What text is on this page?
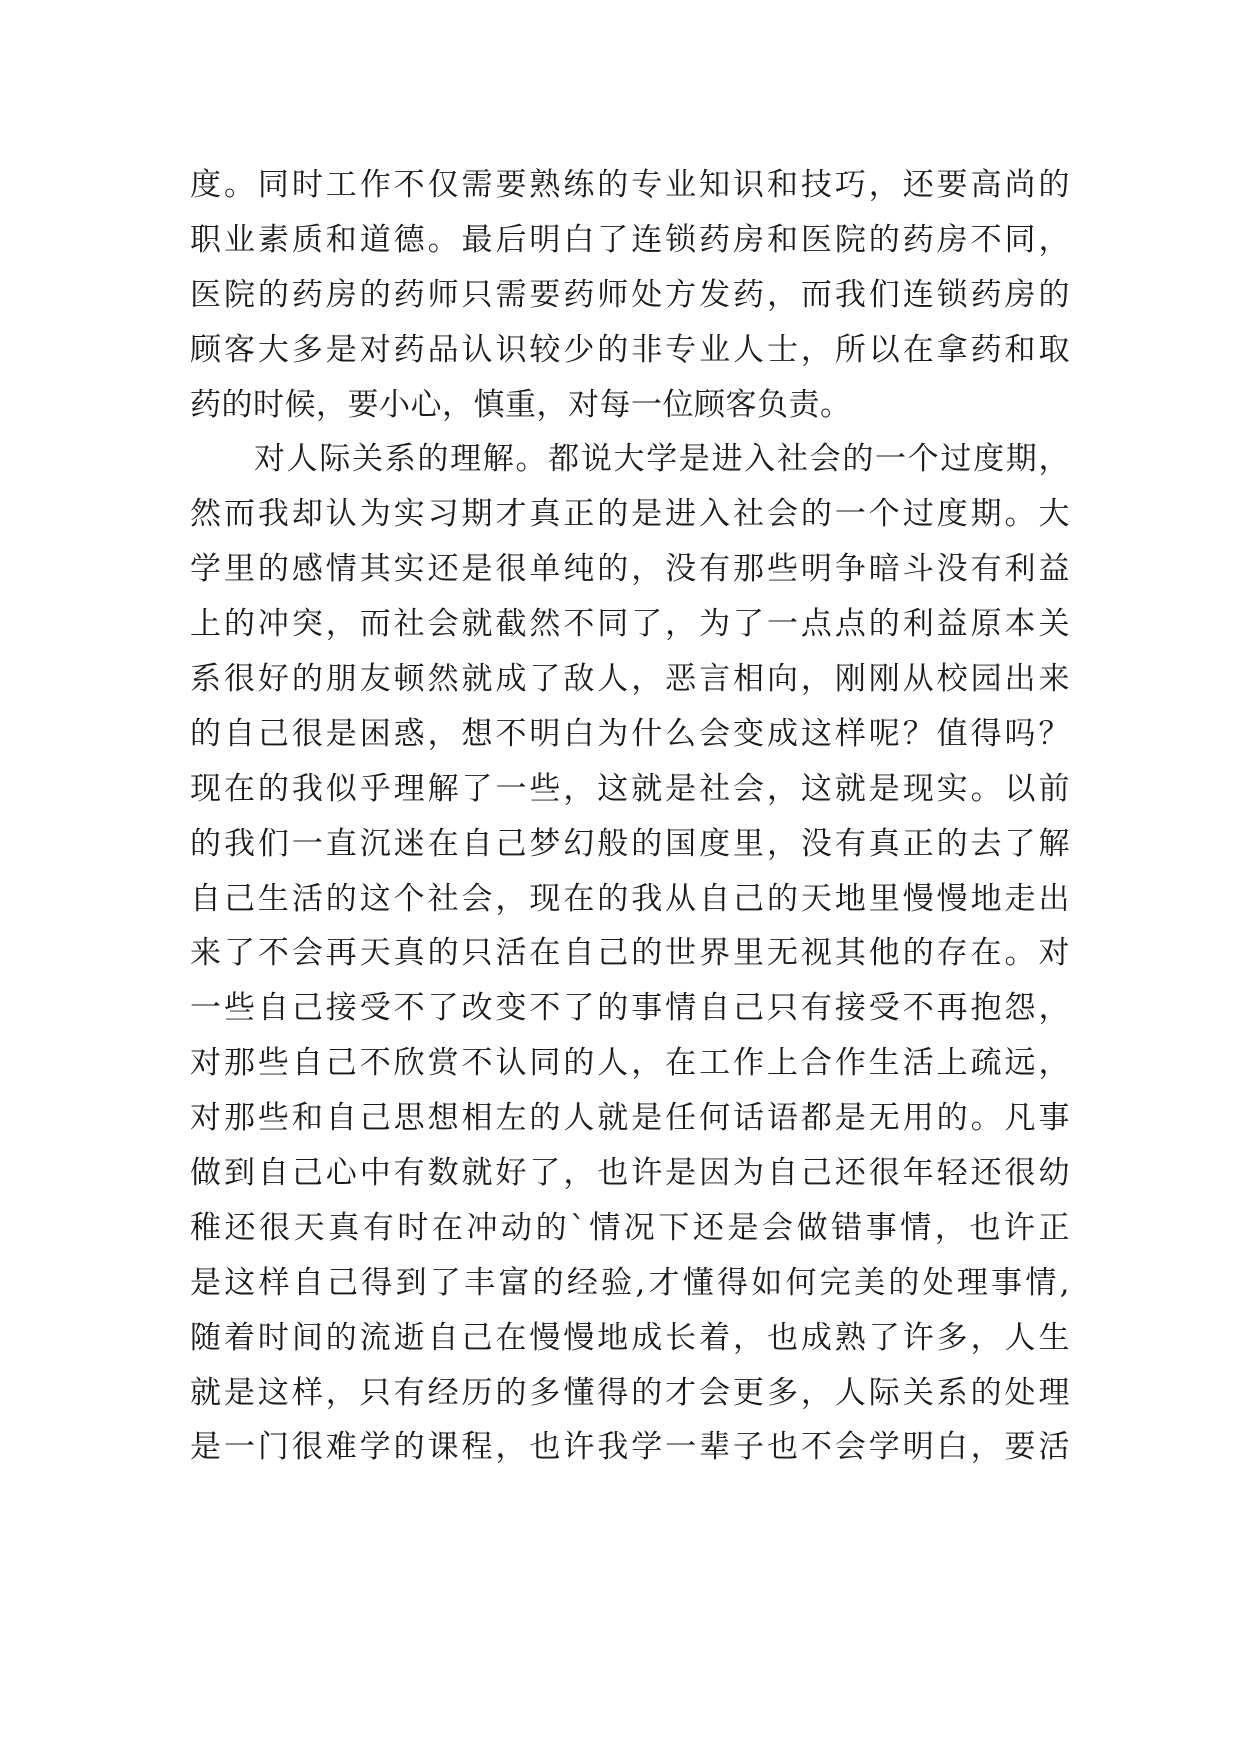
度。同时工作不仅需要熟练的专业知识和技巧，还要高尚的
职业素质和道德。最后明白了连锁药房和医院的药房不同，
医院的药房的药师只需要药师处方发药，而我们连锁药房的
顾客大多是对药品认识较少的非专业人士，所以在拿药和取
药的时候，要小心，慎重，对每一位顾客负责。
对人际关系的理解。都说大学是进入社会的一个过度期，
然而我却认为实习期才真正的是进入社会的一个过度期。大
学里的感情其实还是很单纯的，没有那些明争暗斗没有利益
上的冲突，而社会就截然不同了，为了一点点的利益原本关
系很好的朋友顿然就成了敌人，恶言相向，刚刚从校园出来
的自己很是困惑，想不明白为什么会变成这样呢？值得吗？
现在的我似乎理解了一些，这就是社会，这就是现实。以前
的我们一直沉迷在自己梦幻般的国度里，没有真正的去了解
自己生活的这个社会，现在的我从自己的天地里慢慢地走出
来了不会再天真的只活在自己的世界里无视其他的存在。对
一些自己接受不了改变不了的事情自己只有接受不再抱怨，
对那些自己不欣赏不认同的人，在工作上合作生活上疏远，
对那些和自己思想相左的人就是任何话语都是无用的。凡事
做到自己心中有数就好了，也许是因为自己还很年轻还很幼
稚还很天真有时在冲动的`情况下还是会做错事情，也许正
是这样自己得到了丰富的经验,才懂得如何完美的处理事情,
随着时间的流逝自己在慢慢地成长着，也成熟了许多，人生
就是这样，只有经历的多懂得的才会更多，人际关系的处理
是一门很难学的课程，也许我学一辈子也不会学明白，要活
